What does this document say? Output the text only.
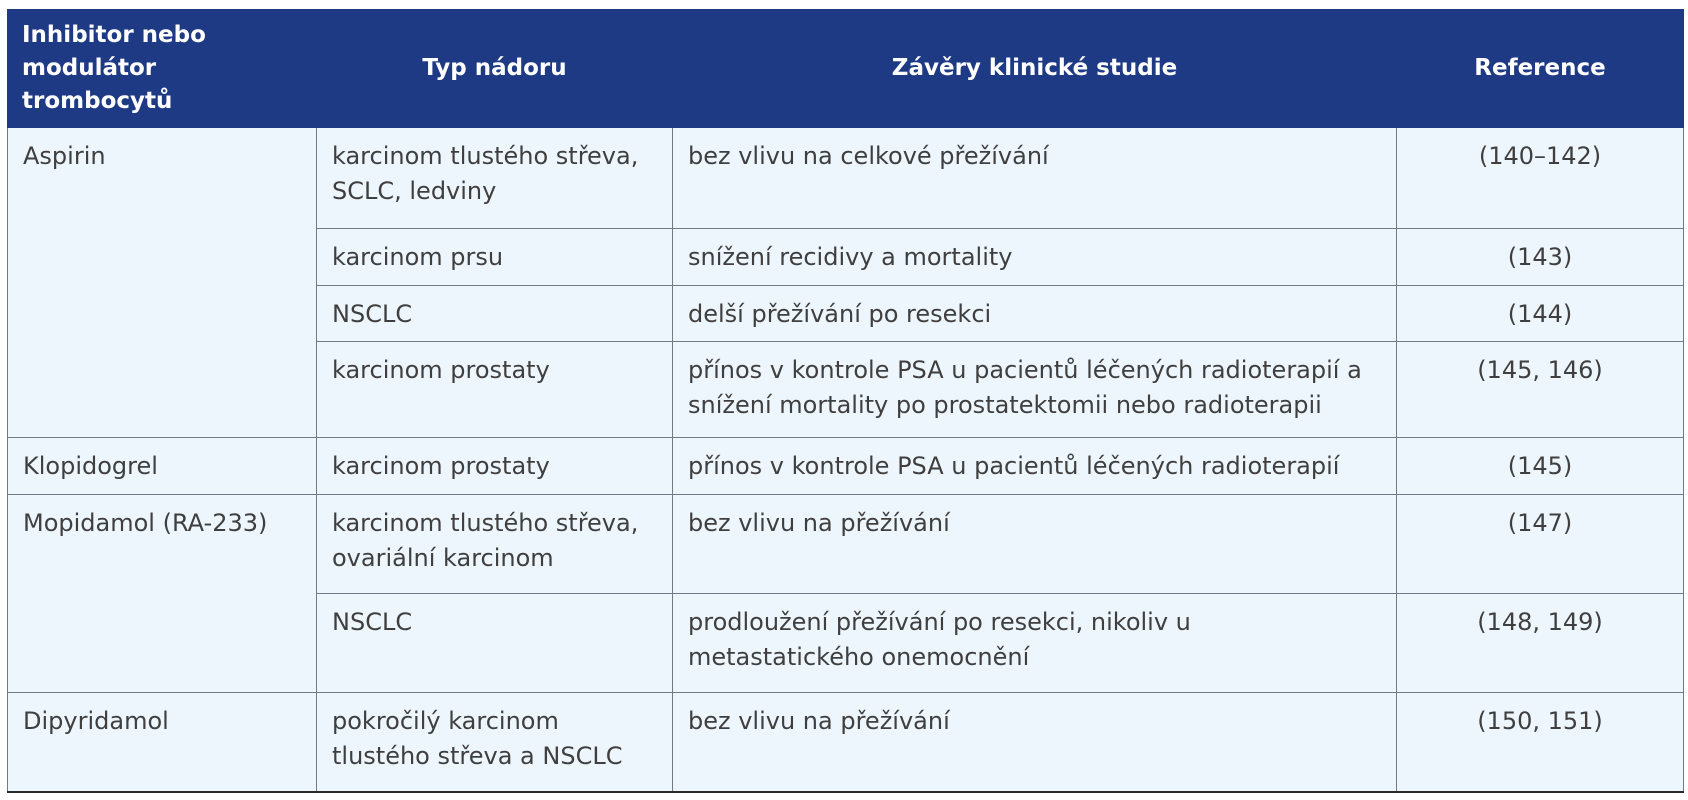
Inhibitor nebo modulátor trombocytů	Typ nádoru	Závěry klinické studie	Reference
Aspirin	karcinom tlustého střeva, SCLC, ledviny	bez vlivu na celkové přežívání	(140–142)
	karcinom prsu	snížení recidivy a mortality	(143)
	NSCLC	delší přežívání po resekci	(144)
	karcinom prostaty	přínos v kontrole PSA u pacientů léčených radioterapií a snížení mortality po prostatektomii nebo radioterapii	(145, 146)
Klopidogrel	karcinom prostaty	přínos v kontrole PSA u pacientů léčených radioterapií	(145)
Mopidamol (RA-233)	karcinom tlustého střeva, ovariální karcinom	bez vlivu na přežívání	(147)
	NSCLC	prodloužení přežívání po resekci, nikoliv u metastatického onemocnění	(148, 149)
Dipyridamol	pokročilý karcinom tlustého střeva a NSCLC	bez vlivu na přežívání	(150, 151)
